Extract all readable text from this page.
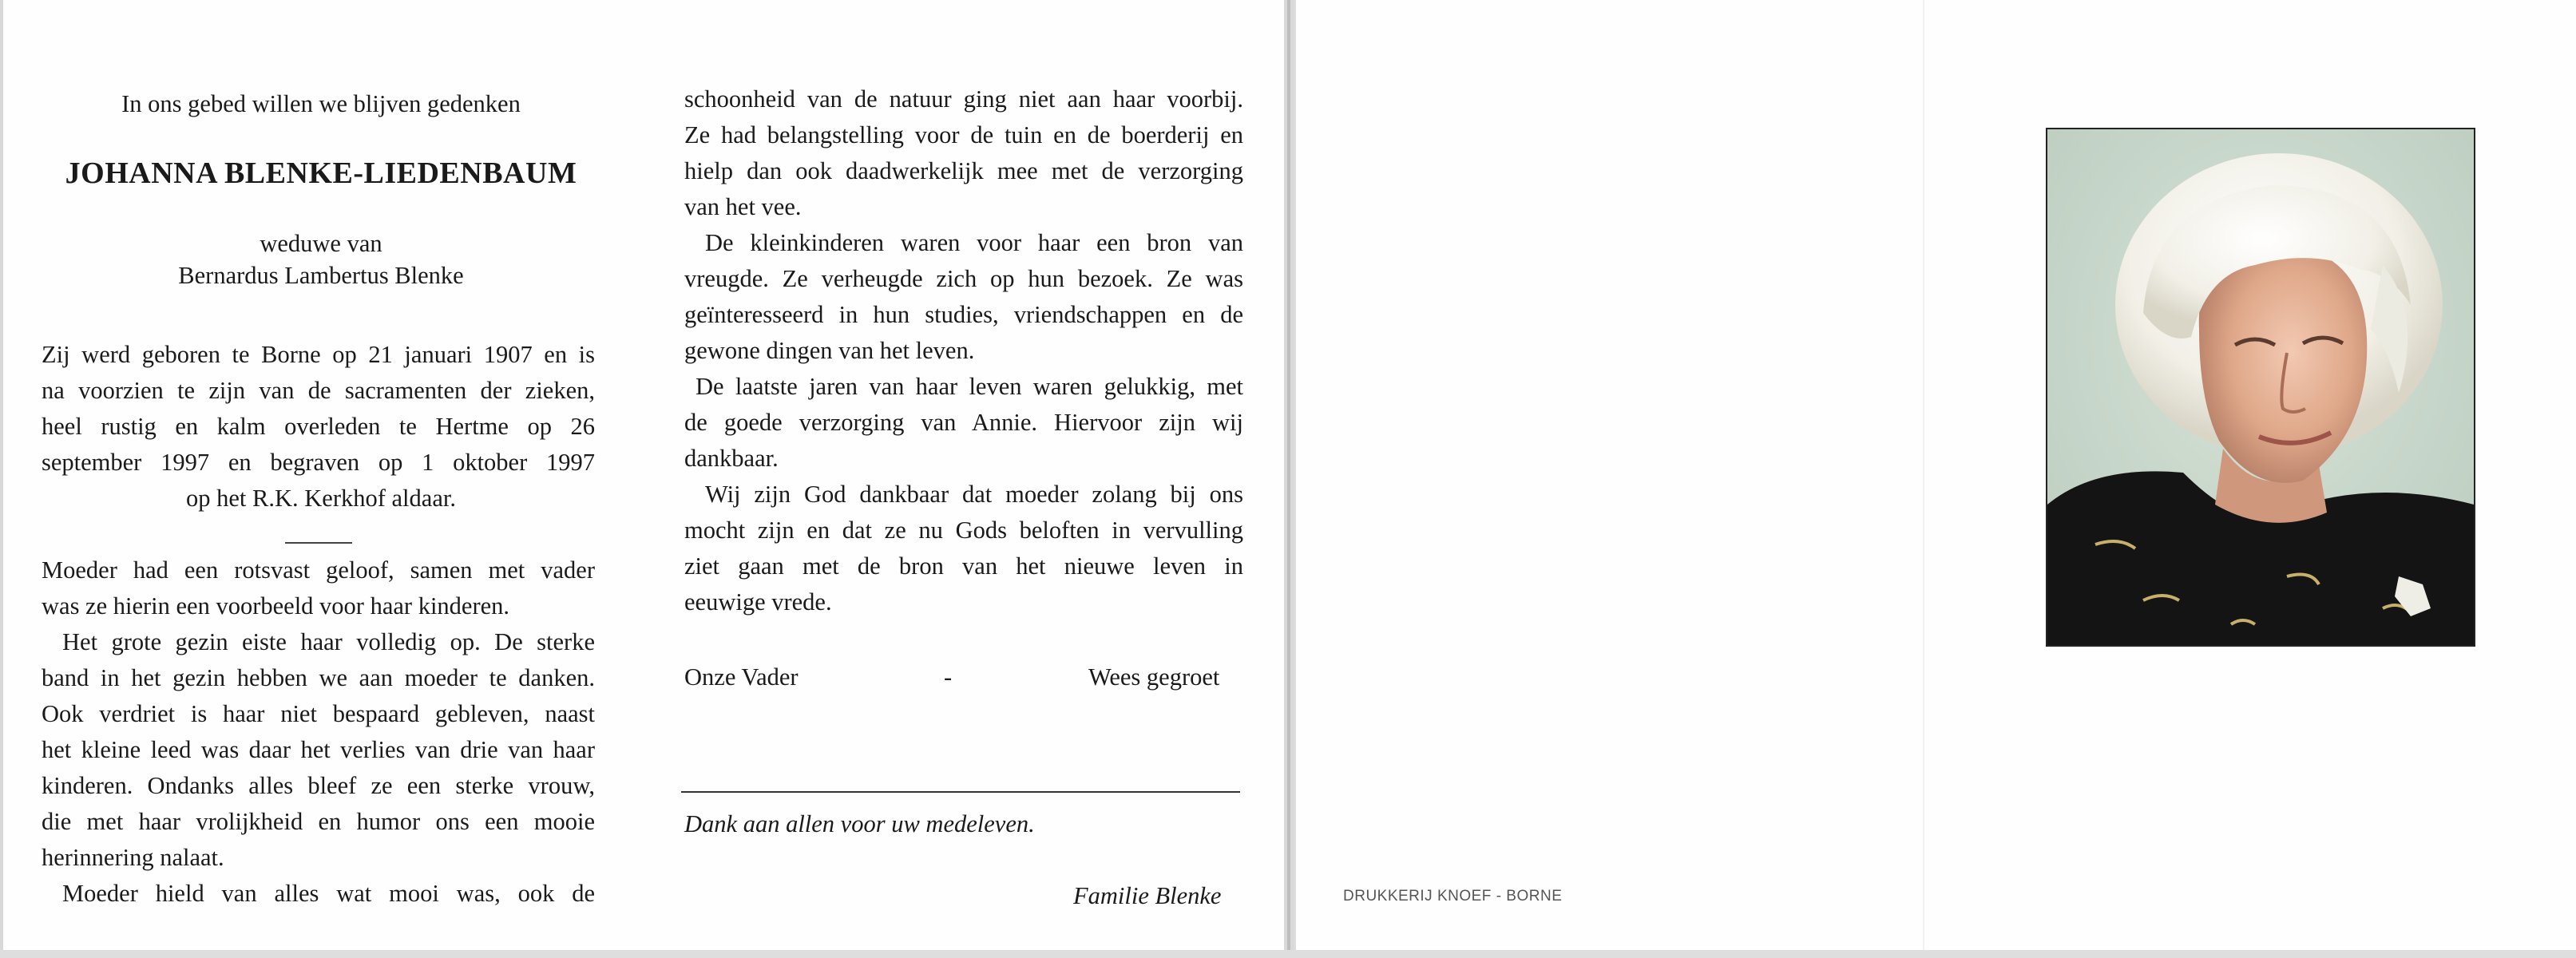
In ons gebed willen we blijven gedenken
JOHANNA BLENKE-LIEDENBAUM
weduwe van
Bernardus Lambertus Blenke
Zij werd geboren te Borne op 21 januari 1907 en is
na voorzien te zijn van de sacramenten der zieken,
heel rustig en kalm overleden te Hertme op 26
september 1997 en begraven op 1 oktober 1997
op het R.K. Kerkhof aldaar.
Moeder had een rotsvast geloof, samen met vader
was ze hierin een voorbeeld voor haar kinderen.
Het grote gezin eiste haar volledig op. De sterke
band in het gezin hebben we aan moeder te danken.
Ook verdriet is haar niet bespaard gebleven, naast
het kleine leed was daar het verlies van drie van haar
kinderen. Ondanks alles bleef ze een sterke vrouw,
die met haar vrolijkheid en humor ons een mooie
herinnering nalaat.
Moeder hield van alles wat mooi was, ook de
schoonheid van de natuur ging niet aan haar voorbij.
Ze had belangstelling voor de tuin en de boerderij en
hielp dan ook daadwerkelijk mee met de verzorging
van het vee.
De kleinkinderen waren voor haar een bron van
vreugde. Ze verheugde zich op hun bezoek. Ze was
geïnteresseerd in hun studies, vriendschappen en de
gewone dingen van het leven.
De laatste jaren van haar leven waren gelukkig, met
de goede verzorging van Annie. Hiervoor zijn wij
dankbaar.
Wij zijn God dankbaar dat moeder zolang bij ons
mocht zijn en dat ze nu Gods beloften in vervulling
ziet gaan met de bron van het nieuwe leven in
eeuwige vrede.
Onze Vader	-	Wees gegroet
Dank aan allen voor uw medeleven.
Familie Blenke	DRUKKERIJ KNOEF - BORNE
